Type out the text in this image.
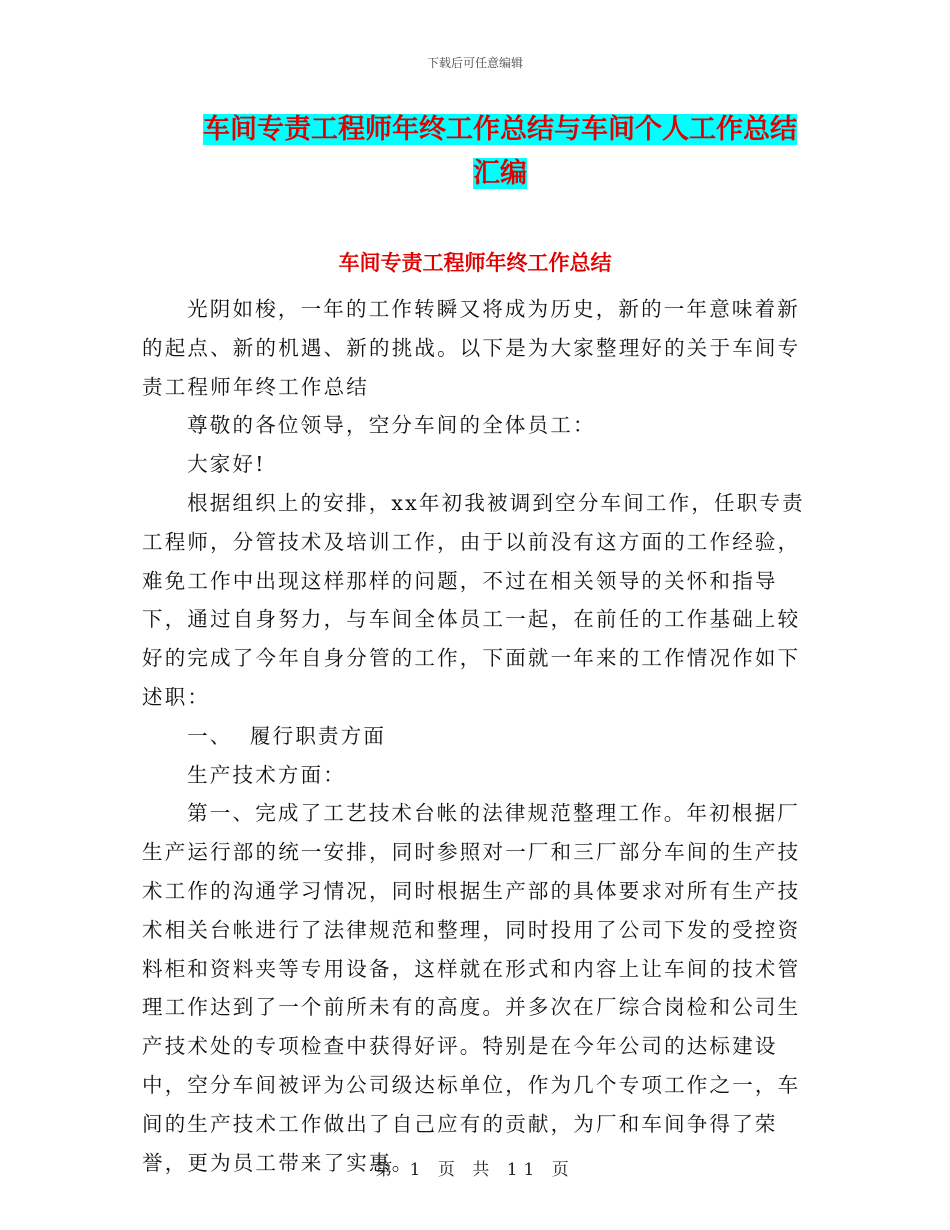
下载后可任意编辑
车间专责工程师年终工作总结与车间个人工作总结汇编
车间专责工程师年终工作总结

光阴如梭，一年的工作转瞬又将成为历史，新的一年意味着新的起点、新的机遇、新的挑战。以下是为大家整理好的关于车间专责工程师年终工作总结

尊敬的各位领导，空分车间的全体员工：

大家好!

根据组织上的安排，xx年初我被调到空分车间工作，任职专责工程师，分管技术及培训工作，由于以前没有这方面的工作经验，难免工作中出现这样那样的问题，不过在相关领导的关怀和指导下，通过自身努力，与车间全体员工一起，在前任的工作基础上较好的完成了今年自身分管的工作，下面就一年来的工作情况作如下述职：

一、  履行职责方面

生产技术方面：

第一、完成了工艺技术台帐的法律规范整理工作。年初根据厂生产运行部的统一安排，同时参照对一厂和三厂部分车间的生产技术工作的沟通学习情况，同时根据生产部的具体要求对所有生产技术相关台帐进行了法律规范和整理，同时投用了公司下发的受控资料柜和资料夹等专用设备，这样就在形式和内容上让车间的技术管理工作达到了一个前所未有的高度。并多次在厂综合岗检和公司生产技术处的专项检查中获得好评。特别是在今年公司的达标建设中，空分车间被评为公司级达标单位，作为几个专项工作之一，车间的生产技术工作做出了自己应有的贡献，为厂和车间争得了荣誉，更为员工带来了实惠。

第 1 页 共 11 页
